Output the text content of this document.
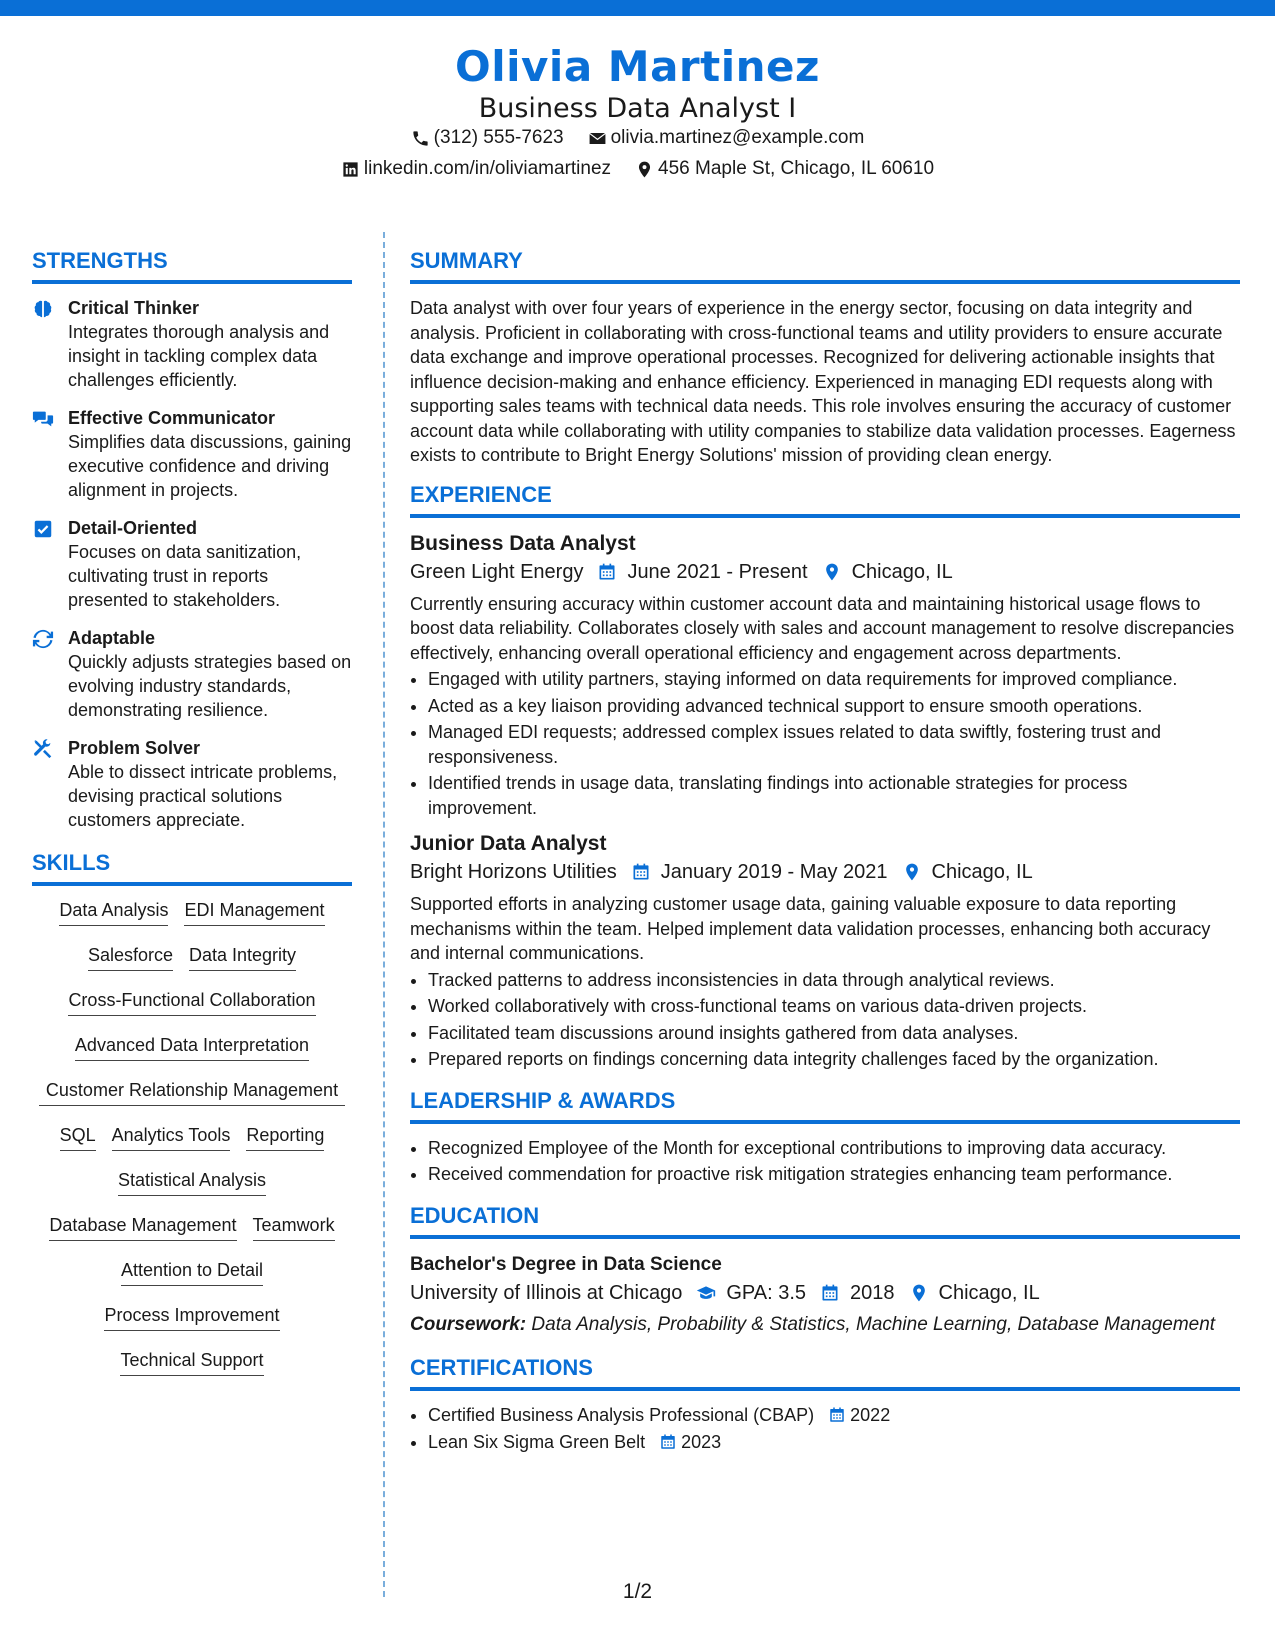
Olivia Martinez
Business Data Analyst I
(312) 555-7623 olivia.martinez@example.com
linkedin.com/in/oliviamartinez 456 Maple St, Chicago, IL 60610
STRENGTHS
Critical Thinker
Integrates thorough analysis and insight in tackling complex data challenges efficiently.
Effective Communicator
Simplifies data discussions, gaining executive confidence and driving alignment in projects.
Detail-Oriented
Focuses on data sanitization, cultivating trust in reports presented to stakeholders.
Adaptable
Quickly adjusts strategies based on evolving industry standards, demonstrating resilience.
Problem Solver
Able to dissect intricate problems, devising practical solutions customers appreciate.
SKILLS
Data Analysis EDI Management
Salesforce Data Integrity
Cross-Functional Collaboration
Advanced Data Interpretation
Customer Relationship Management
SQL Analytics Tools Reporting
Statistical Analysis
Database Management Teamwork
Attention to Detail
Process Improvement
Technical Support
SUMMARY

Data analyst with over four years of experience in the energy sector, focusing on data integrity and analysis. Proficient in collaborating with cross-functional teams and utility providers to ensure accurate data exchange and improve operational processes. Recognized for delivering actionable insights that influence decision-making and enhance efficiency. Experienced in managing EDI requests along with supporting sales teams with technical data needs. This role involves ensuring the accuracy of customer account data while collaborating with utility companies to stabilize data validation processes. Eagerness exists to contribute to Bright Energy Solutions' mission of providing clean energy.

EXPERIENCE
Business Data Analyst
Green Light Energy June 2021 - Present Chicago, IL

Currently ensuring accuracy within customer account data and maintaining historical usage flows to boost data reliability. Collaborates closely with sales and account management to resolve discrepancies effectively, enhancing overall operational efficiency and engagement across departments.

• Engaged with utility partners, staying informed on data requirements for improved compliance.
• Acted as a key liaison providing advanced technical support to ensure smooth operations.
• Managed EDI requests; addressed complex issues related to data swiftly, fostering trust and responsiveness.
• Identified trends in usage data, translating findings into actionable strategies for process improvement.
Junior Data Analyst
Bright Horizons Utilities January 2019 - May 2021 Chicago, IL

Supported efforts in analyzing customer usage data, gaining valuable exposure to data reporting mechanisms within the team. Helped implement data validation processes, enhancing both accuracy and internal communications.

• Tracked patterns to address inconsistencies in data through analytical reviews.
• Worked collaboratively with cross-functional teams on various data-driven projects.
• Facilitated team discussions around insights gathered from data analyses.
• Prepared reports on findings concerning data integrity challenges faced by the organization.
LEADERSHIP & AWARDS
• Recognized Employee of the Month for exceptional contributions to improving data accuracy.
• Received commendation for proactive risk mitigation strategies enhancing team performance.
EDUCATION
Bachelor's Degree in Data Science
University of Illinois at Chicago GPA: 3.5 2018 Chicago, IL
Coursework: Data Analysis, Probability & Statistics, Machine Learning, Database Management
CERTIFICATIONS
• Certified Business Analysis Professional (CBAP) 2022
• Lean Six Sigma Green Belt 2023
1/2
